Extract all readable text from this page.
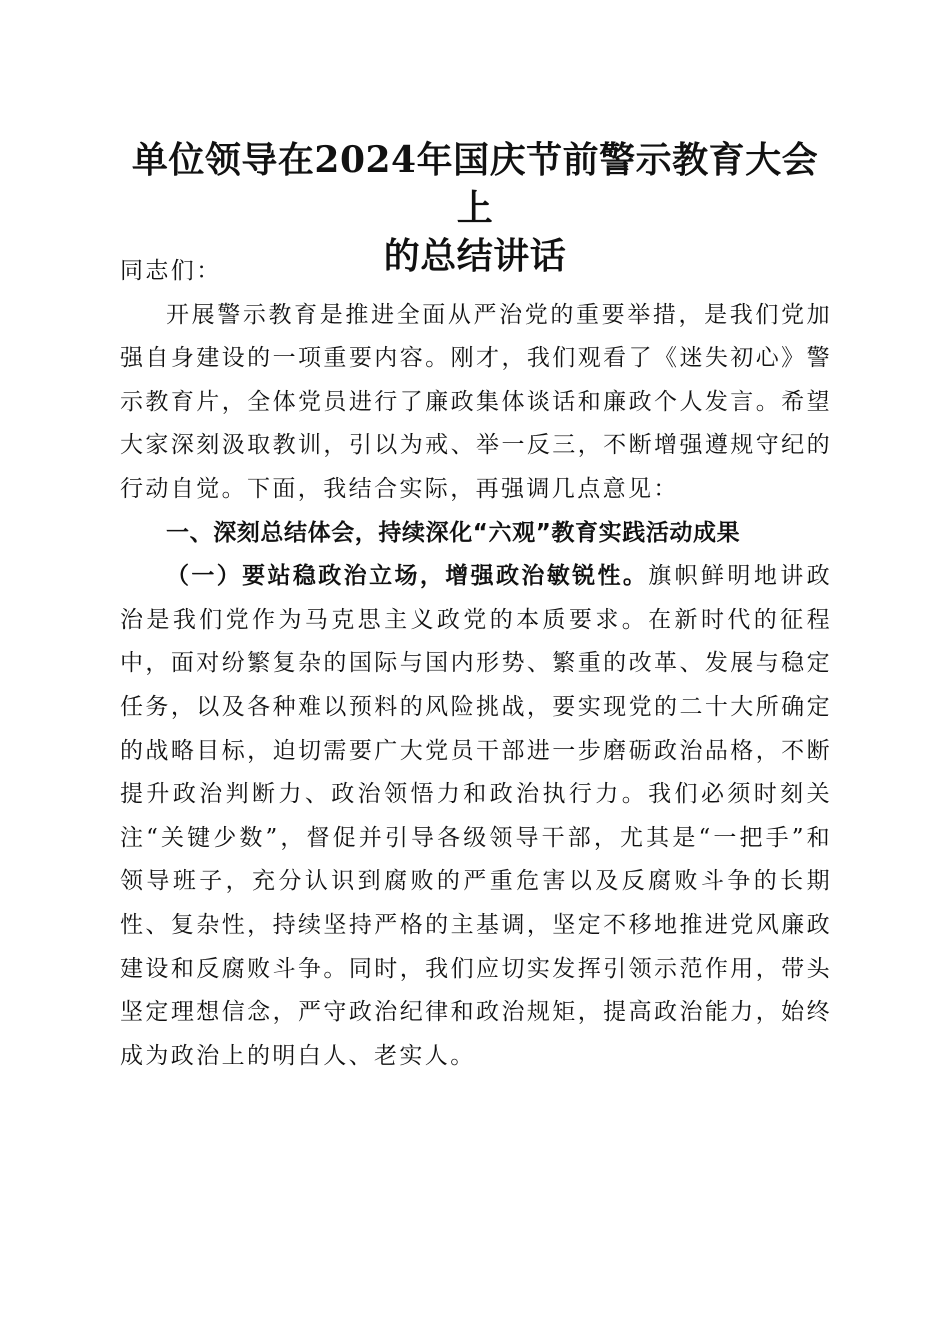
单位领导在2024年国庆节前警示教育大会上
的总结讲话

同志们：

开展警示教育是推进全面从严治党的重要举措，是我们党加强自身建设的一项重要内容。刚才，我们观看了《迷失初心》警示教育片，全体党员进行了廉政集体谈话和廉政个人发言。希望大家深刻汲取教训，引以为戒、举一反三，不断增强遵规守纪的行动自觉。下面，我结合实际，再强调几点意见：

一、深刻总结体会，持续深化“六观”教育实践活动成果

（一）要站稳政治立场，增强政治敏锐性。旗帜鲜明地讲政治是我们党作为马克思主义政党的本质要求。在新时代的征程中，面对纷繁复杂的国际与国内形势、繁重的改革、发展与稳定任务，以及各种难以预料的风险挑战，要实现党的二十大所确定的战略目标，迫切需要广大党员干部进一步磨砺政治品格，不断提升政治判断力、政治领悟力和政治执行力。我们必须时刻关注“关键少数”，督促并引导各级领导干部，尤其是“一把手”和领导班子，充分认识到腐败的严重危害以及反腐败斗争的长期性、复杂性，持续坚持严格的主基调，坚定不移地推进党风廉政建设和反腐败斗争。同时，我们应切实发挥引领示范作用，带头坚定理想信念，严守政治纪律和政治规矩，提高政治能力，始终成为政治上的明白人、老实人。
